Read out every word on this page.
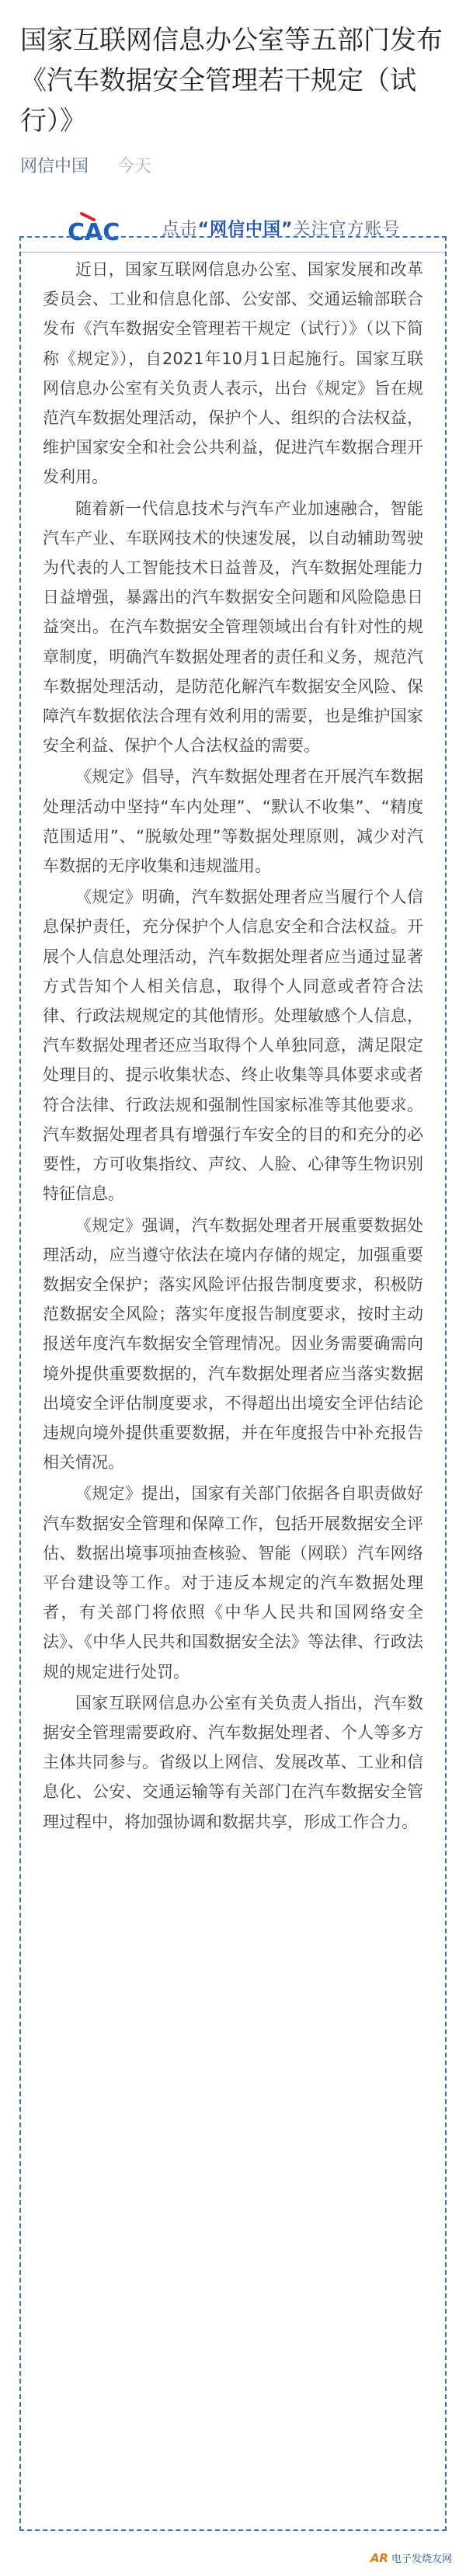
国家互联网信息办公室等五部门发布《汽车数据安全管理若干规定（试行）》
网信中国 今天
CAC 点击“网信中国”关注官方账号

近日，国家互联网信息办公室、国家发展和改革委员会、工业和信息化部、公安部、交通运输部联合发布《汽车数据安全管理若干规定（试行）》（以下简称《规定》），自2021年10月1日起施行。国家互联网信息办公室有关负责人表示，出台《规定》旨在规范汽车数据处理活动，保护个人、组织的合法权益，维护国家安全和社会公共利益，促进汽车数据合理开发利用。

随着新一代信息技术与汽车产业加速融合，智能汽车产业、车联网技术的快速发展，以自动辅助驾驶为代表的人工智能技术日益普及，汽车数据处理能力日益增强，暴露出的汽车数据安全问题和风险隐患日益突出。在汽车数据安全管理领域出台有针对性的规章制度，明确汽车数据处理者的责任和义务，规范汽车数据处理活动，是防范化解汽车数据安全风险、保障汽车数据依法合理有效利用的需要，也是维护国家安全利益、保护个人合法权益的需要。

《规定》倡导，汽车数据处理者在开展汽车数据处理活动中坚持“车内处理”、“默认不收集”、“精度范围适用”、“脱敏处理”等数据处理原则，减少对汽车数据的无序收集和违规滥用。

《规定》明确，汽车数据处理者应当履行个人信息保护责任，充分保护个人信息安全和合法权益。开展个人信息处理活动，汽车数据处理者应当通过显著方式告知个人相关信息，取得个人同意或者符合法律、行政法规规定的其他情形。处理敏感个人信息，汽车数据处理者还应当取得个人单独同意，满足限定处理目的、提示收集状态、终止收集等具体要求或者符合法律、行政法规和强制性国家标准等其他要求。汽车数据处理者具有增强行车安全的目的和充分的必要性，方可收集指纹、声纹、人脸、心律等生物识别特征信息。

《规定》强调，汽车数据处理者开展重要数据处理活动，应当遵守依法在境内存储的规定，加强重要数据安全保护；落实风险评估报告制度要求，积极防范数据安全风险；落实年度报告制度要求，按时主动报送年度汽车数据安全管理情况。因业务需要确需向境外提供重要数据的，汽车数据处理者应当落实数据出境安全评估制度要求，不得超出出境安全评估结论违规向境外提供重要数据，并在年度报告中补充报告相关情况。

《规定》提出，国家有关部门依据各自职责做好汽车数据安全管理和保障工作，包括开展数据安全评估、数据出境事项抽查核验、智能（网联）汽车网络平台建设等工作。对于违反本规定的汽车数据处理者，有关部门将依照《中华人民共和国网络安全法》、《中华人民共和国数据安全法》等法律、行政法规的规定进行处罚。

国家互联网信息办公室有关负责人指出，汽车数据安全管理需要政府、汽车数据处理者、个人等多方主体共同参与。省级以上网信、发展改革、工业和信息化、公安、交通运输等有关部门在汽车数据安全管理过程中，将加强协调和数据共享，形成工作合力。

AR 电子发烧友网
